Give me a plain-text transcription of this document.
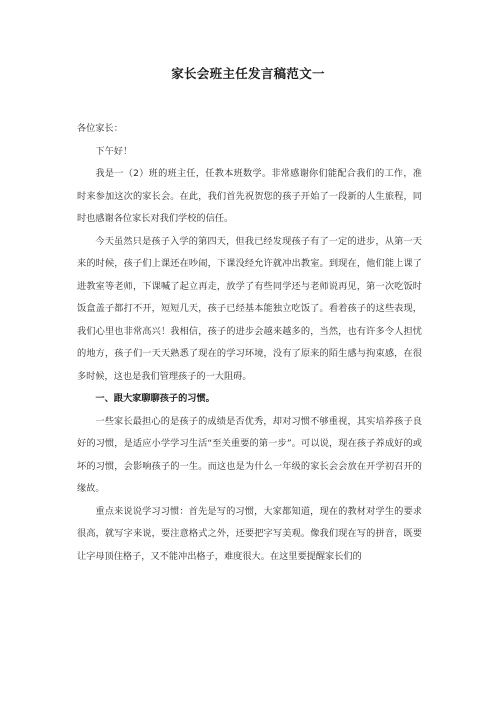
家长会班主任发言稿范文一

各位家长：

下午好！

我是一（2）班的班主任，任教本班数学。非常感谢你们能配合我们的工作，准时来参加这次的家长会。在此，我们首先祝贺您的孩子开始了一段新的人生旅程，同时也感谢各位家长对我们学校的信任。

今天虽然只是孩子入学的第四天，但我已经发现孩子有了一定的进步，从第一天来的时候，孩子们上课还在吵闹，下课没经允许就冲出教室。到现在，他们能上课了进教室等老师，下课喊了起立再走，放学了有些同学还与老师说再见，第一次吃饭时饭盒盖子都打不开，短短几天，孩子已经基本能独立吃饭了。看着孩子的这些表现，我们心里也非常高兴！我相信，孩子的进步会越来越多的，当然，也有许多令人担忧的地方，孩子们一天天熟悉了现在的学习环境，没有了原来的陌生感与拘束感，在很多时候，这也是我们管理孩子的一大阻碍。

一、跟大家聊聊孩子的习惯。

一些家长最担心的是孩子的成绩是否优秀，却对习惯不够重视，其实培养孩子良好的习惯，是适应小学学习生活“至关重要的第一步”。可以说，现在孩子养成好的或坏的习惯，会影响孩子的一生。而这也是为什么一年级的家长会会放在开学初召开的缘故。

重点来说说学习习惯：首先是写的习惯，大家都知道，现在的教材对学生的要求很高，就写字来说，要注意格式之外，还要把字写美观。像我们现在写的拼音，既要让字母顶住格子，又不能冲出格子，难度很大。在这里要提醒家长们的
